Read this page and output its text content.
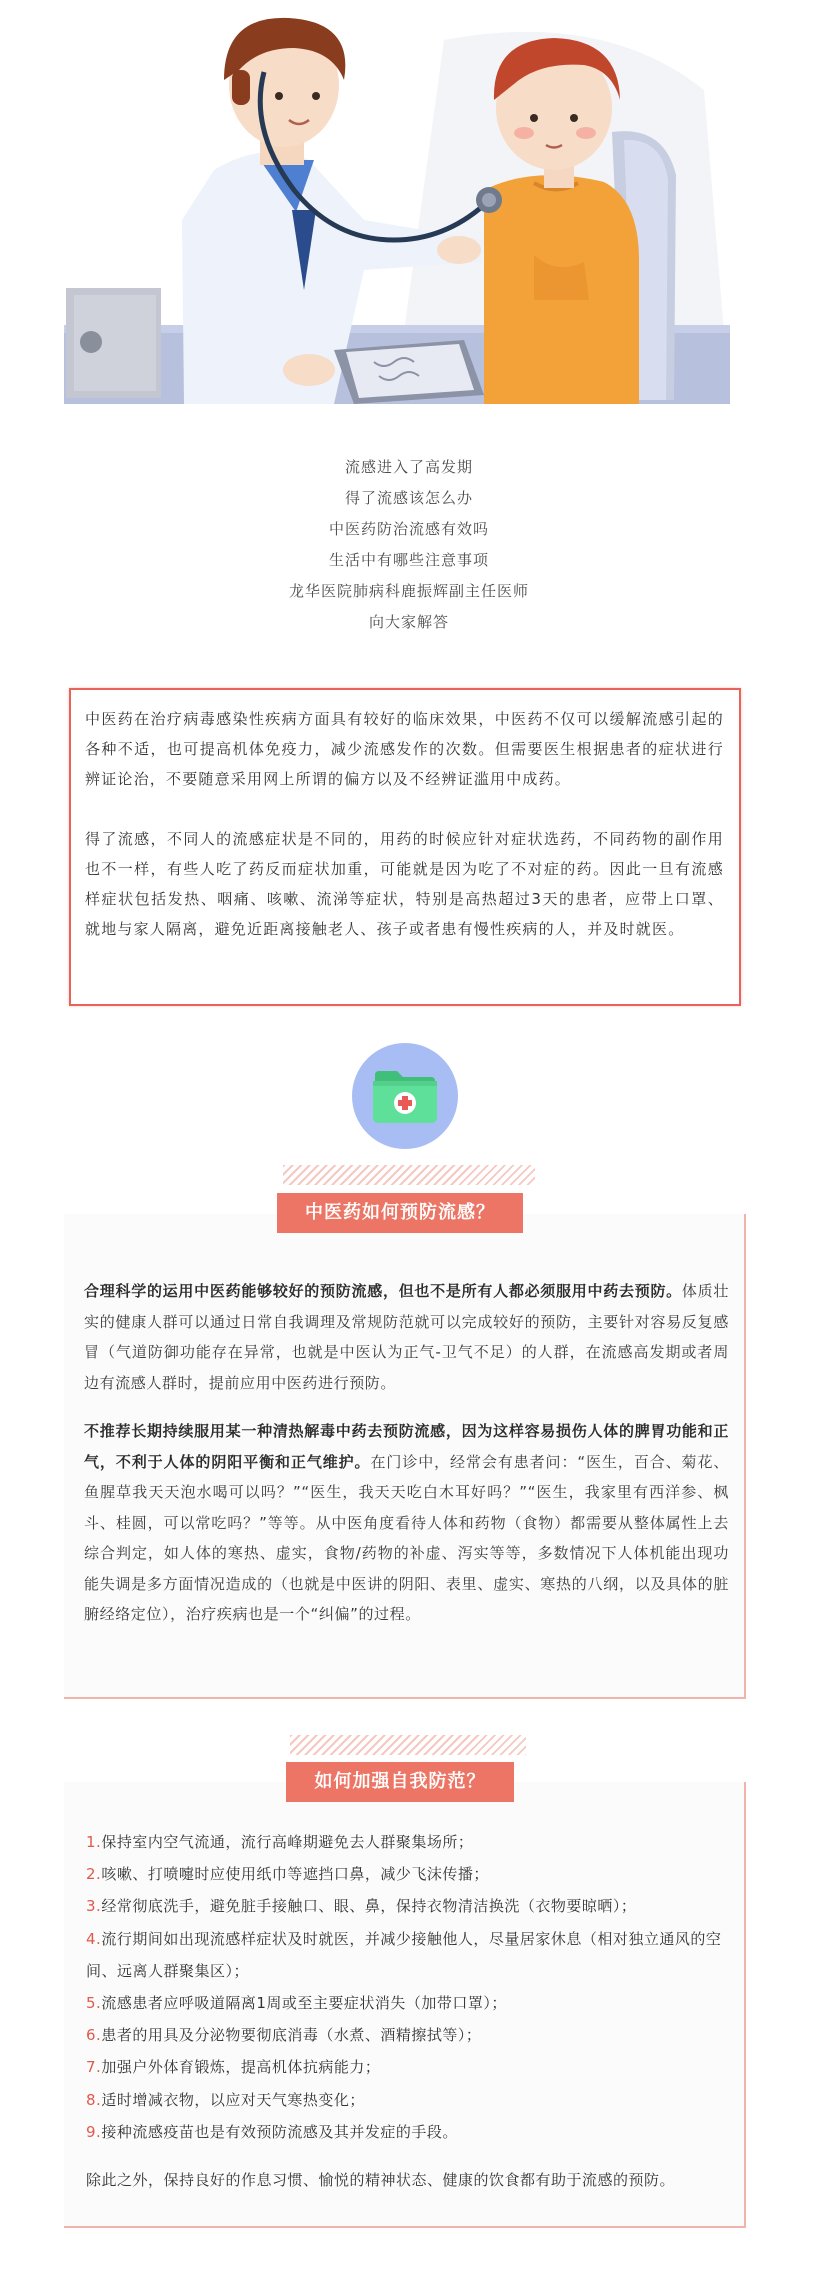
流感进入了高发期
得了流感该怎么办
中医药防治流感有效吗
生活中有哪些注意事项
龙华医院肺病科鹿振辉副主任医师
向大家解答

中医药在治疗病毒感染性疾病方面具有较好的临床效果，中医药不仅可以缓解流感引起的各种不适，也可提高机体免疫力，减少流感发作的次数。但需要医生根据患者的症状进行辨证论治，不要随意采用网上所谓的偏方以及不经辨证滥用中成药。

得了流感，不同人的流感症状是不同的，用药的时候应针对症状选药，不同药物的副作用也不一样，有些人吃了药反而症状加重，可能就是因为吃了不对症的药。因此一旦有流感样症状包括发热、咽痛、咳嗽、流涕等症状，特别是高热超过3天的患者，应带上口罩、就地与家人隔离，避免近距离接触老人、孩子或者患有慢性疾病的人，并及时就医。

合理科学的运用中医药能够较好的预防流感，但也不是所有人都必须服用中药去预防。体质壮实的健康人群可以通过日常自我调理及常规防范就可以完成较好的预防，主要针对容易反复感冒（气道防御功能存在异常，也就是中医认为正气-卫气不足）的人群，在流感高发期或者周边有流感人群时，提前应用中医药进行预防。

不推荐长期持续服用某一种清热解毒中药去预防流感，因为这样容易损伤人体的脾胃功能和正气，不利于人体的阴阳平衡和正气维护。在门诊中，经常会有患者问：“医生，百合、菊花、鱼腥草我天天泡水喝可以吗？”“医生，我天天吃白木耳好吗？”“医生，我家里有西洋参、枫斗、桂圆，可以常吃吗？”等等。从中医角度看待人体和药物（食物）都需要从整体属性上去综合判定，如人体的寒热、虚实，食物/药物的补虚、泻实等等，多数情况下人体机能出现功能失调是多方面情况造成的（也就是中医讲的阴阳、表里、虚实、寒热的八纲，以及具体的脏腑经络定位），治疗疾病也是一个“纠偏”的过程。

中医药如何预防流感？
1.保持室内空气流通，流行高峰期避免去人群聚集场所；
2.咳嗽、打喷嚏时应使用纸巾等遮挡口鼻，减少飞沫传播；
3.经常彻底洗手，避免脏手接触口、眼、鼻，保持衣物清洁换洗（衣物要晾晒）；
4.流行期间如出现流感样症状及时就医，并减少接触他人，尽量居家休息（相对独立通风的空间、远离人群聚集区）；
5.流感患者应呼吸道隔离1周或至主要症状消失（加带口罩）；
6.患者的用具及分泌物要彻底消毒（水煮、酒精擦拭等）；
7.加强户外体育锻炼，提高机体抗病能力；
8.适时增减衣物，以应对天气寒热变化；
9.接种流感疫苗也是有效预防流感及其并发症的手段。

除此之外，保持良好的作息习惯、愉悦的精神状态、健康的饮食都有助于流感的预防。

如何加强自我防范？
